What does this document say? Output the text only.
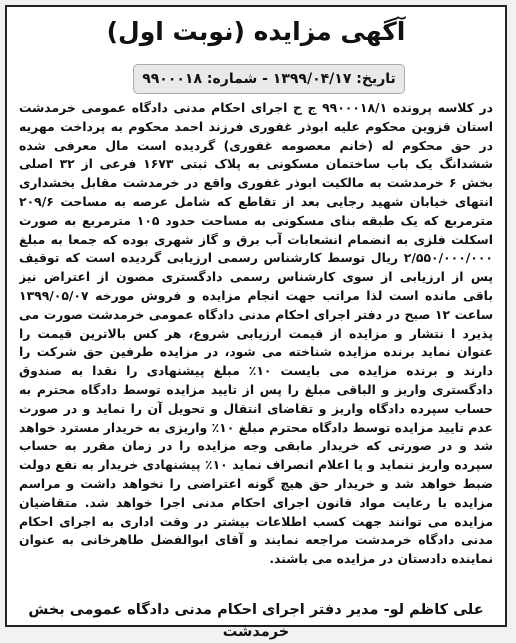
آگهی مزایده (نوبت اول)
تاریخ: ۱۳۹۹/۰۴/۱۷ - شماره: ۹۹۰۰۰۱۸
در کلاسه پرونده ۹۹۰۰۰۱۸/۱ ج ح اجرای احکام مدنی دادگاه عمومی خرمدشت استان قزوین محکوم علیه ابوذر غفوری فرزند احمد محکوم به پرداخت مهریه در حق محکوم له (خانم معصومه غفوری) گردیده است مال معرفی شده ششدانگ یک باب ساختمان مسکونی به پلاک ثبتی ۱۶۷۳ فرعی از ۳۲ اصلی بخش ۶ خرمدشت به مالکیت ابوذر غفوری واقع در خرمدشت مقابل بخشداری انتهای خیابان شهید رجایی بعد از تقاطع که شامل عرصه به مساحت ۲۰۹/۶ مترمربع که یک طبقه بنای مسکونی به مساحت حدود ۱۰۵ مترمربع به صورت اسکلت فلزی به انضمام انشعابات آب برق و گاز شهری بوده که جمعا به مبلغ ۲/۵۵۰/۰۰۰/۰۰۰ ریال توسط کارشناس رسمی ارزیابی گردیده است که توقیف پس از ارزیابی از سوی کارشناس رسمی دادگستری مصون از اعتراض نیز باقی مانده است لذا مراتب جهت انجام مزایده و فروش مورخه ۱۳۹۹/۰۵/۰۷ ساعت ۱۲ صبح در دفتر اجرای احکام مدنی دادگاه عمومی خرمدشت صورت می پذیرد ا نتشار و مزایده از قیمت ارزیابی شروع، هر کس بالاترین قیمت را عنوان نماید برنده مزایده شناخته می شود، در مزایده طرفین حق شرکت را دارند و برنده مزایده می بایست ۱۰٪ مبلغ پیشنهادی را نقدا به صندوق دادگستری واریز و الباقی مبلغ را پس از تایید مزایده توسط دادگاه محترم به حساب سپرده دادگاه واریز و تقاضای انتقال و تحویل آن را نماید و در صورت عدم تایید مزایده توسط دادگاه محترم مبلغ ۱۰٪ واریزی به خریدار مسترد خواهد شد و در صورتی که خریدار مابقی وجه مزایده را در زمان مقرر به حساب سپرده واریز ننماید و یا اعلام انصراف نماید ۱۰٪ پیشنهادی خریدار به نفع دولت ضبط خواهد شد و خریدار حق هیچ گونه اعتراضی را نخواهد داشت و مراسم مزایده با رعایت مواد قانون اجرای احکام مدنی اجرا خواهد شد. متقاضیان مزایده می توانند جهت کسب اطلاعات بیشتر در وقت اداری به اجرای احکام مدنی دادگاه خرمدشت مراجعه نمایند و آقای ابوالفضل طاهرخانی به عنوان نماینده دادستان در مزایده می باشند.
علی کاظم لو- مدیر دفتر اجرای احکام مدنی دادگاه عمومی بخش خرمدشت
